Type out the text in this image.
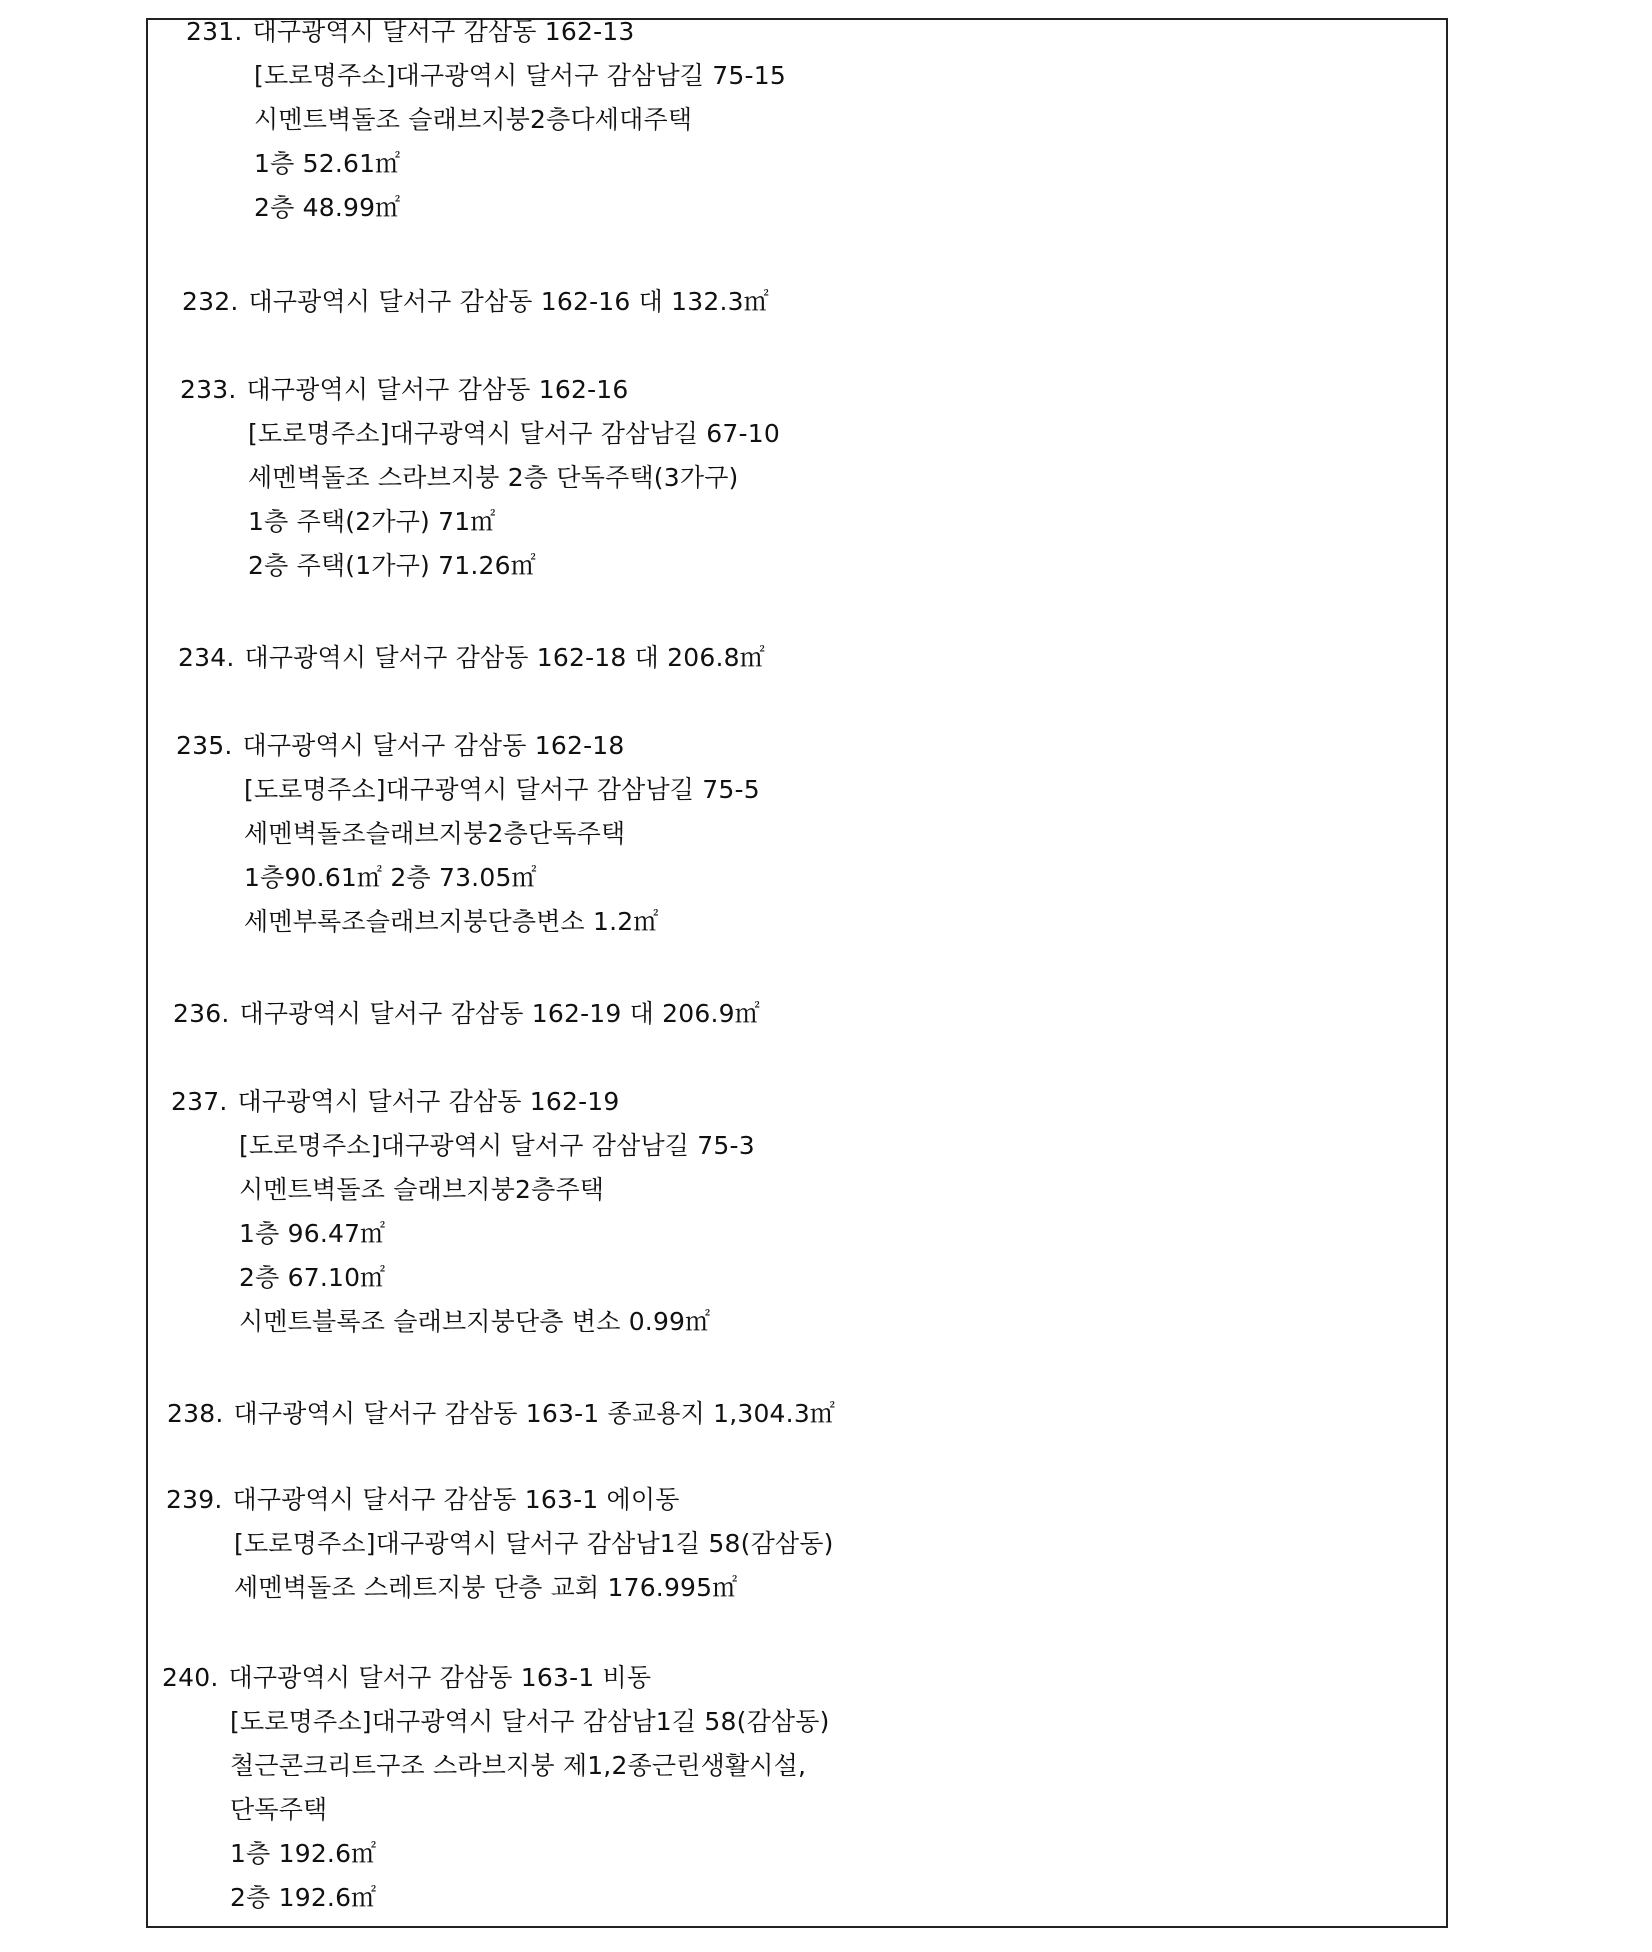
231. 대구광역시 달서구 감삼동 162-13
[도로명주소]대구광역시 달서구 감삼남길 75-15
시멘트벽돌조 슬래브지붕2층다세대주택
1층 52.61㎡
2층 48.99㎡
232. 대구광역시 달서구 감삼동 162-16 대 132.3㎡
233. 대구광역시 달서구 감삼동 162-16
[도로명주소]대구광역시 달서구 감삼남길 67-10
세멘벽돌조 스라브지붕 2층 단독주택(3가구)
1층 주택(2가구) 71㎡
2층 주택(1가구) 71.26㎡
234. 대구광역시 달서구 감삼동 162-18 대 206.8㎡
235. 대구광역시 달서구 감삼동 162-18
[도로명주소]대구광역시 달서구 감삼남길 75-5
세멘벽돌조슬래브지붕2층단독주택
1층90.61㎡ 2층 73.05㎡
세멘부록조슬래브지붕단층변소 1.2㎡
236. 대구광역시 달서구 감삼동 162-19 대 206.9㎡
237. 대구광역시 달서구 감삼동 162-19
[도로명주소]대구광역시 달서구 감삼남길 75-3
시멘트벽돌조 슬래브지붕2층주택
1층 96.47㎡
2층 67.10㎡
시멘트블록조 슬래브지붕단층 변소 0.99㎡
238. 대구광역시 달서구 감삼동 163-1 종교용지 1,304.3㎡
239. 대구광역시 달서구 감삼동 163-1 에이동
[도로명주소]대구광역시 달서구 감삼남1길 58(감삼동)
세멘벽돌조 스레트지붕 단층 교회 176.995㎡
240. 대구광역시 달서구 감삼동 163-1 비동
[도로명주소]대구광역시 달서구 감삼남1길 58(감삼동)
철근콘크리트구조 스라브지붕 제1,2종근린생활시설,
단독주택
1층 192.6㎡
2층 192.6㎡
